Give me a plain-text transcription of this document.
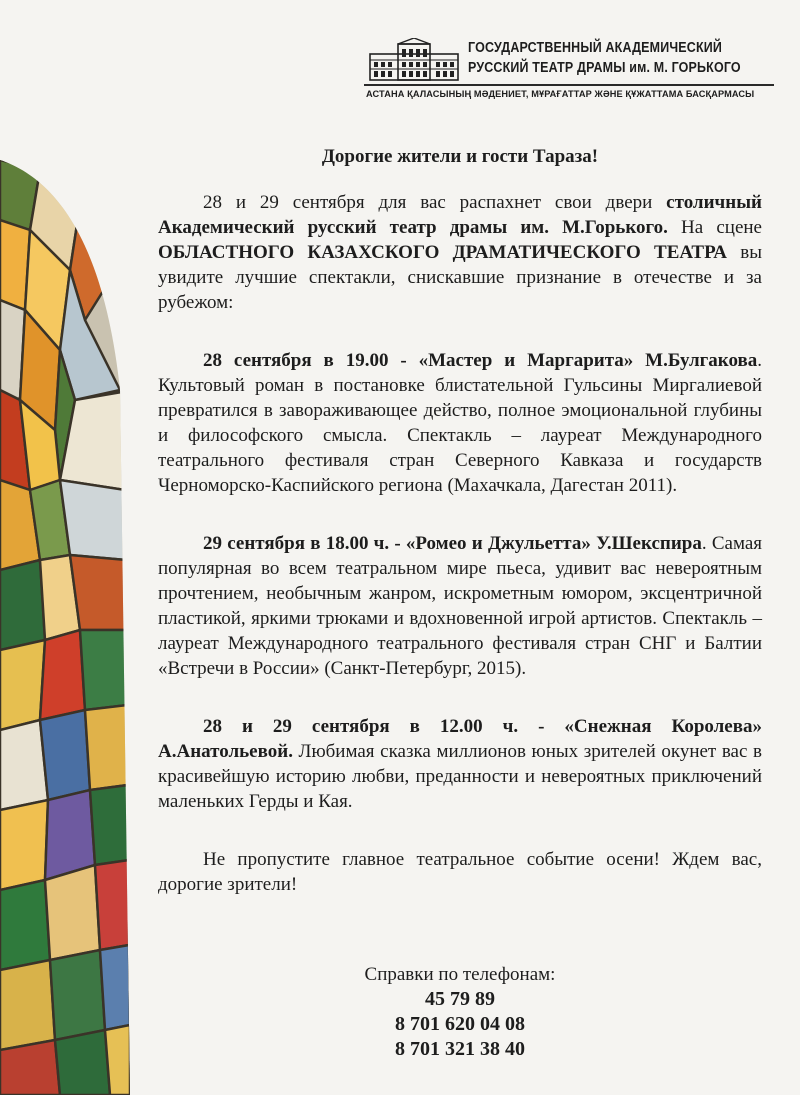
ГОСУДАРСТВЕННЫЙ АКАДЕМИЧЕСКИЙ
РУССКИЙ ТЕАТР ДРАМЫ им. М. ГОРЬКОГО
АСТАНА ҚАЛАСЫНЫҢ МӘДЕНИЕТ, МҰРАҒАТТАР ЖӘНЕ ҚҰЖАТТАМА БАСҚАРМАСЫ
Дорогие жители и гости Тараза!

28 и 29 сентября для вас распахнет свои двери столичный Академический русский театр драмы им. М.Горького. На сцене ОБЛАСТНОГО КАЗАХСКОГО ДРАМАТИЧЕСКОГО ТЕАТРА вы увидите лучшие спектакли, снискавшие признание в отечестве и за рубежом:

28 сентября в 19.00 - «Мастер и Маргарита» М.Булгакова. Культовый роман в постановке блистательной Гульсины Миргалиевой превратился в завораживающее действо, полное эмоциональной глубины и философского смысла. Спектакль – лауреат Международного театрального фестиваля стран Северного Кавказа и государств Черноморско-Каспийского региона (Махачкала, Дагестан 2011).

29 сентября в 18.00 ч. - «Ромео и Джульетта» У.Шекспира. Самая популярная во всем театральном мире пьеса, удивит вас невероятным прочтением, необычным жанром, искрометным юмором, эксцентричной пластикой, яркими трюками и вдохновенной игрой артистов. Спектакль – лауреат Международного театрального фестиваля стран СНГ и Балтии «Встречи в России» (Санкт-Петербург, 2015).

28 и 29 сентября в 12.00 ч. - «Снежная Королева» А.Анатольевой. Любимая сказка миллионов юных зрителей окунет вас в красивейшую историю любви, преданности и невероятных приключений маленьких Герды и Кая.

Не пропустите главное театральное событие осени! Ждем вас, дорогие зрители!

Справки по телефонам:
45 79 89
8 701 620 04 08
8 701 321 38 40
